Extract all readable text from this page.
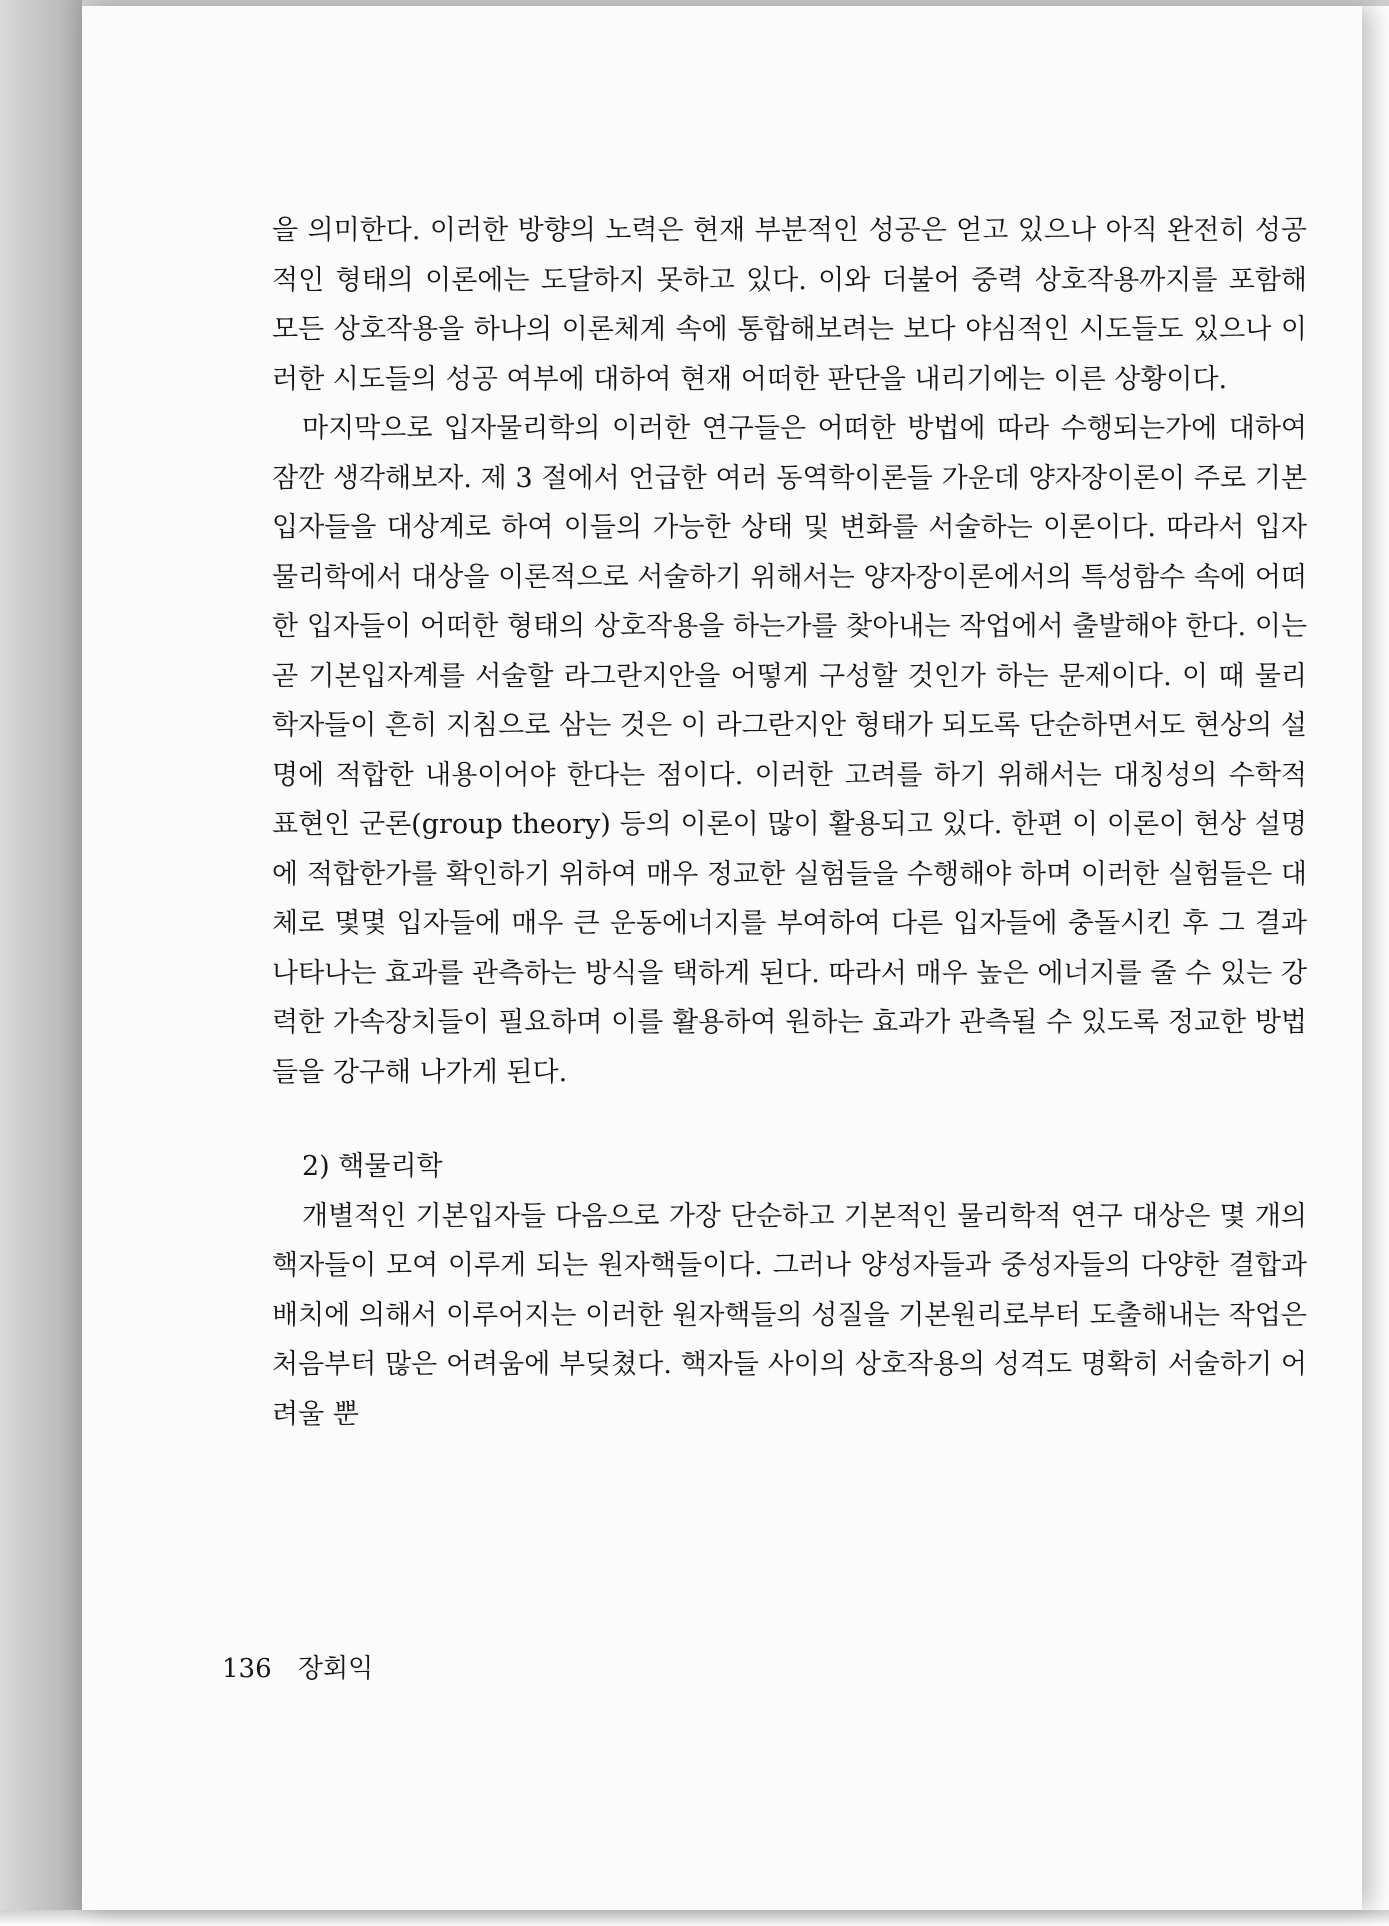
을 의미한다. 이러한 방향의 노력은 현재 부분적인 성공은 얻고 있으나 아직 완전히 성공적인 형태의 이론에는 도달하지 못하고 있다. 이와 더불어 중력 상호작용까지를 포함해 모든 상호작용을 하나의 이론체계 속에 통합해보려는 보다 야심적인 시도들도 있으나 이러한 시도들의 성공 여부에 대하여 현재 어떠한 판단을 내리기에는 이른 상황이다.

마지막으로 입자물리학의 이러한 연구들은 어떠한 방법에 따라 수행되는가에 대하여 잠깐 생각해보자. 제 3 절에서 언급한 여러 동역학이론들 가운데 양자장이론이 주로 기본입자들을 대상계로 하여 이들의 가능한 상태 및 변화를 서술하는 이론이다. 따라서 입자물리학에서 대상을 이론적으로 서술하기 위해서는 양자장이론에서의 특성함수 속에 어떠한 입자들이 어떠한 형태의 상호작용을 하는가를 찾아내는 작업에서 출발해야 한다. 이는 곧 기본입자계를 서술할 라그란지안을 어떻게 구성할 것인가 하는 문제이다. 이 때 물리학자들이 흔히 지침으로 삼는 것은 이 라그란지안 형태가 되도록 단순하면서도 현상의 설명에 적합한 내용이어야 한다는 점이다. 이러한 고려를 하기 위해서는 대칭성의 수학적 표현인 군론(group theory) 등의 이론이 많이 활용되고 있다. 한편 이 이론이 현상 설명에 적합한가를 확인하기 위하여 매우 정교한 실험들을 수행해야 하며 이러한 실험들은 대체로 몇몇 입자들에 매우 큰 운동에너지를 부여하여 다른 입자들에 충돌시킨 후 그 결과 나타나는 효과를 관측하는 방식을 택하게 된다. 따라서 매우 높은 에너지를 줄 수 있는 강력한 가속장치들이 필요하며 이를 활용하여 원하는 효과가 관측될 수 있도록 정교한 방법들을 강구해 나가게 된다.

2) 핵물리학

개별적인 기본입자들 다음으로 가장 단순하고 기본적인 물리학적 연구 대상은 몇 개의 핵자들이 모여 이루게 되는 원자핵들이다. 그러나 양성자들과 중성자들의 다양한 결합과 배치에 의해서 이루어지는 이러한 원자핵들의 성질을 기본원리로부터 도출해내는 작업은 처음부터 많은 어려움에 부딪쳤다. 핵자들 사이의 상호작용의 성격도 명확히 서술하기 어려울 뿐

136 장회익
